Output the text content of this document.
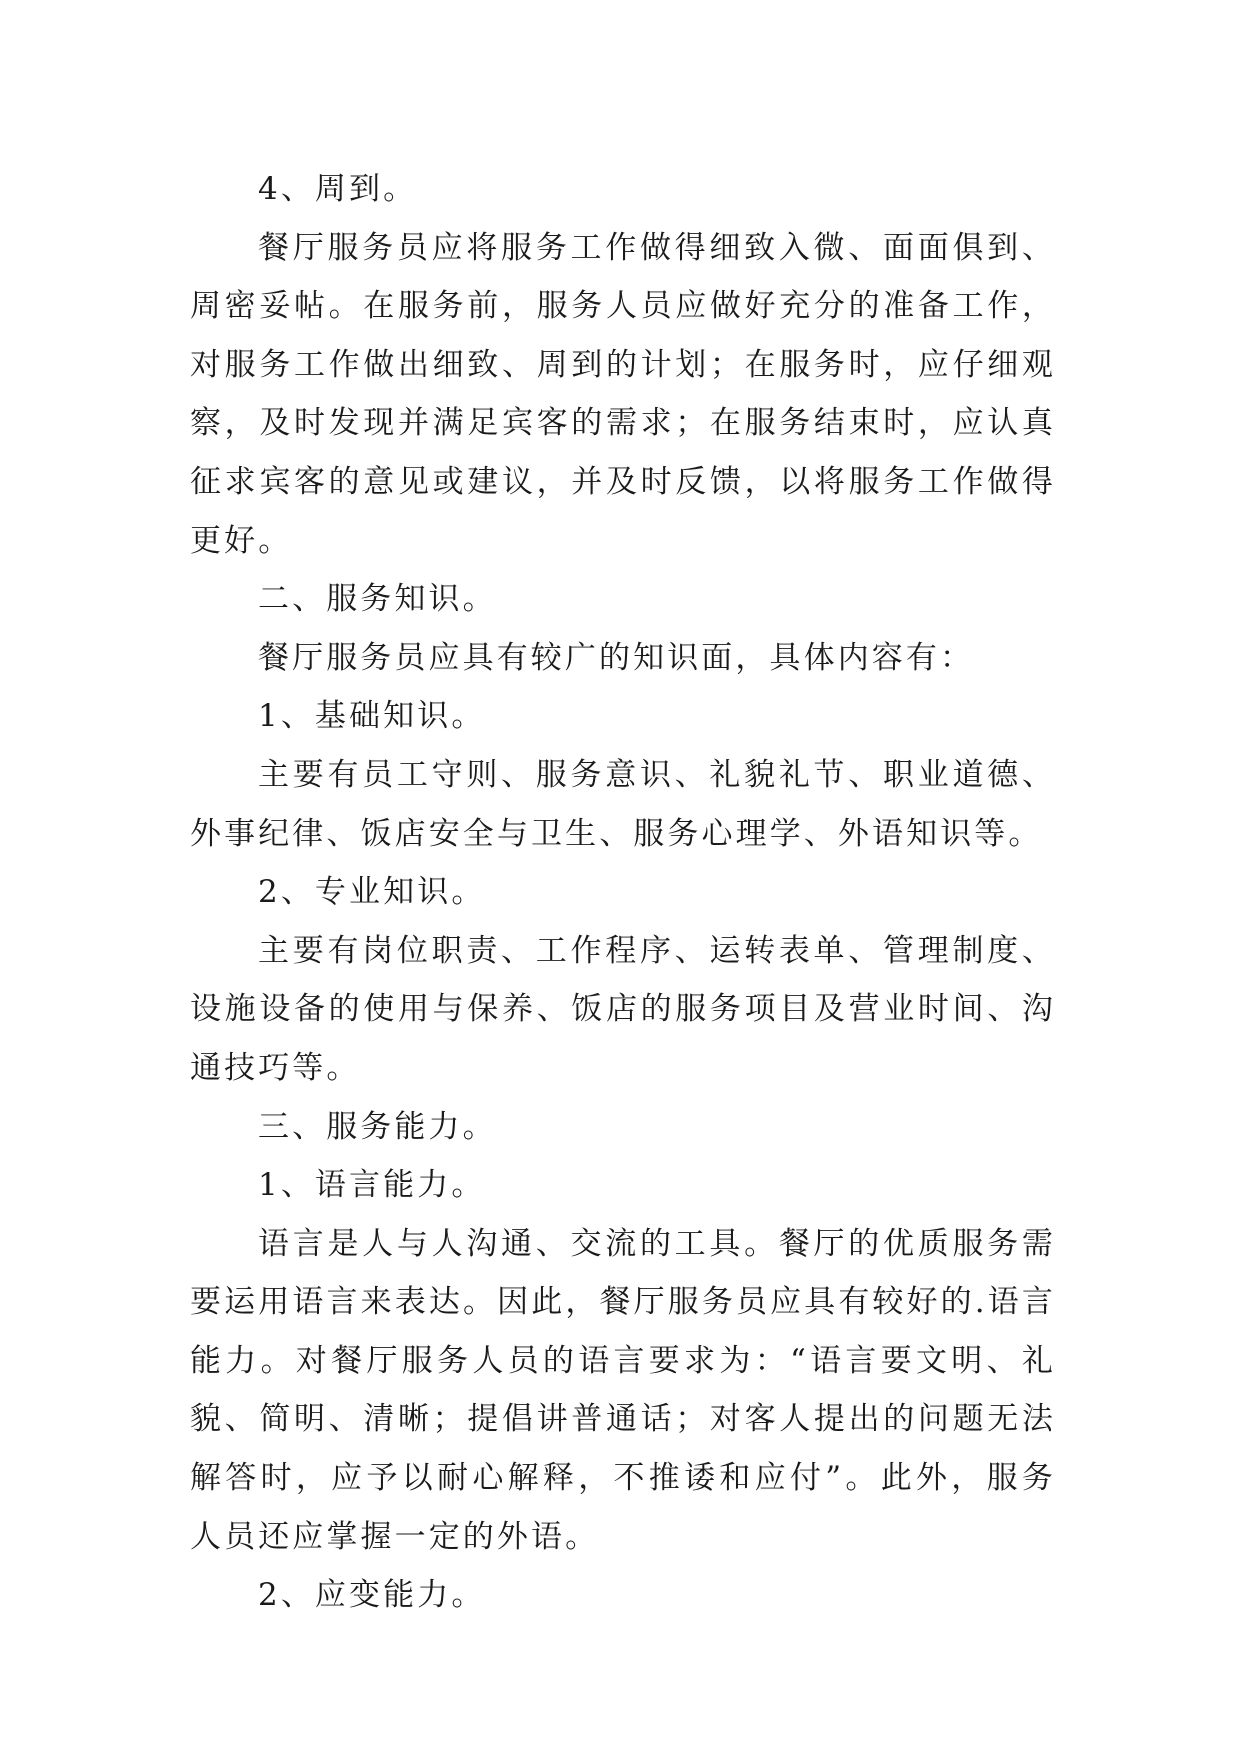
4、周到。

餐厅服务员应将服务工作做得细致入微、面面俱到、周密妥帖。在服务前，服务人员应做好充分的准备工作，对服务工作做出细致、周到的计划；在服务时，应仔细观察，及时发现并满足宾客的需求；在服务结束时，应认真征求宾客的意见或建议，并及时反馈，以将服务工作做得更好。

二、服务知识。

餐厅服务员应具有较广的知识面，具体内容有：

1、基础知识。

主要有员工守则、服务意识、礼貌礼节、职业道德、外事纪律、饭店安全与卫生、服务心理学、外语知识等。

2、专业知识。

主要有岗位职责、工作程序、运转表单、管理制度、设施设备的使用与保养、饭店的服务项目及营业时间、沟通技巧等。

三、服务能力。

1、语言能力。

语言是人与人沟通、交流的工具。餐厅的优质服务需要运用语言来表达。因此，餐厅服务员应具有较好的.语言能力。对餐厅服务人员的语言要求为：“语言要文明、礼貌、简明、清晰；提倡讲普通话；对客人提出的问题无法解答时，应予以耐心解释，不推诿和应付”。此外，服务人员还应掌握一定的外语。

2、应变能力。
